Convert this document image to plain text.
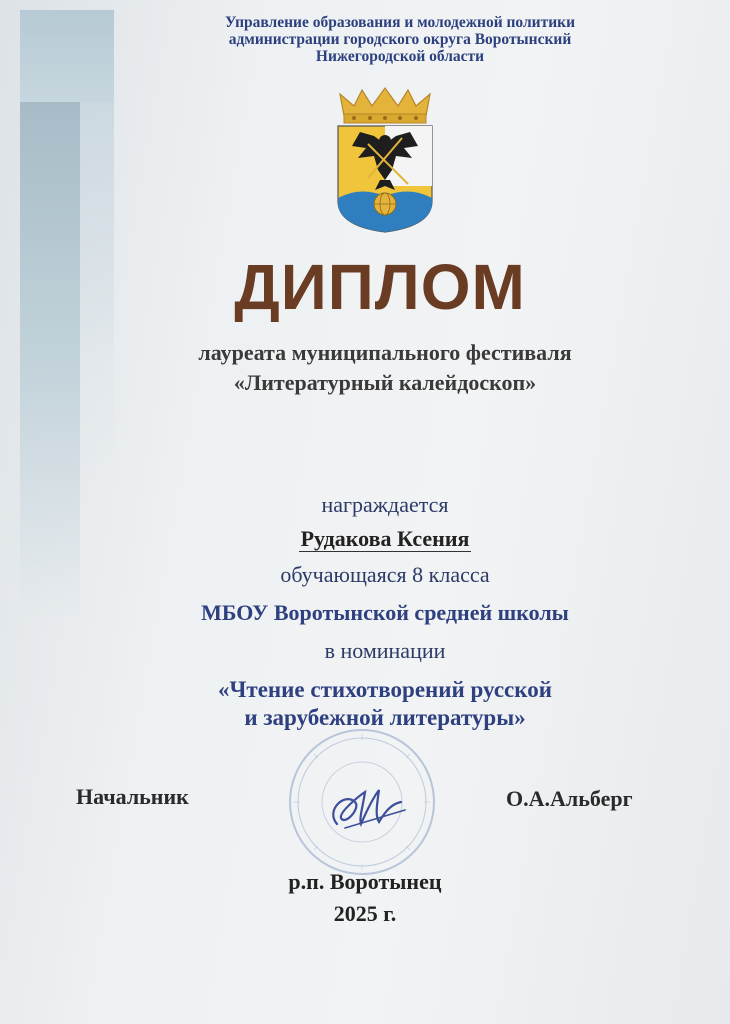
Управление образования и молодежной политики
администрации городского округа Воротынский
Нижегородской области
ДИПЛОМ
лауреата муниципального фестиваля
«Литературный калейдоскоп»
награждается
Рудакова Ксения
обучающаяся 8 класса
МБОУ Воротынской средней школы
в номинации
«Чтение стихотворений русской
и зарубежной литературы»
Начальник	О.А.Альберг
р.п. Воротынец
2025 г.
